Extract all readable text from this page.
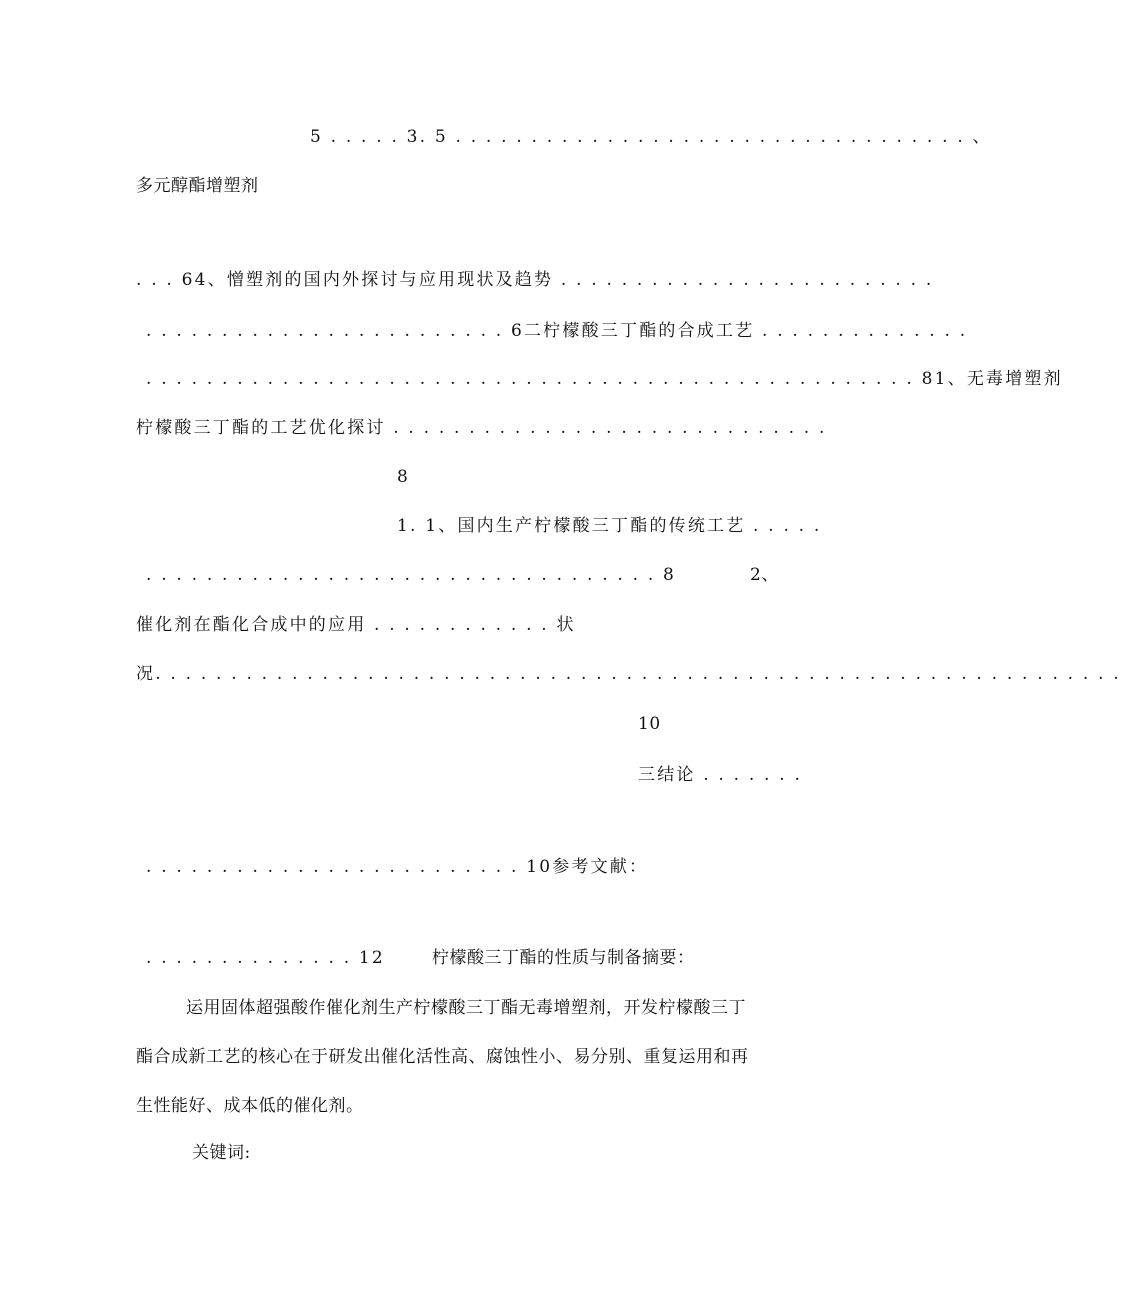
5 . . . . . 3. 5 . . . . . . . . . . . . . . . . . . . . . . . . . . . . . . . . . . 、
多元醇酯增塑剂
. . . 64、憎塑剂的国内外探讨与应用现状及趋势 . . . . . . . . . . . . . . . . . . . . . . . . .
. . . . . . . . . . . . . . . . . . . . . . . . 6二柠檬酸三丁酯的合成工艺 . . . . . . . . . . . . . .
. . . . . . . . . . . . . . . . . . . . . . . . . . . . . . . . . . . . . . . . . . . . . . . . . . . 81、无毒增塑剂
柠檬酸三丁酯的工艺优化探讨 . . . . . . . . . . . . . . . . . . . . . . . . . . . . .
8
1. 1、国内生产柠檬酸三丁酯的传统工艺 . . . . .
. . . . . . . . . . . . . . . . . . . . . . . . . . . . . . . . . . 8	2、
催化剂在酯化合成中的应用 . . . . . . . . . . . . 状
况. . . . . . . . . . . . . . . . . . . . . . . . . . . . . . . . . . . . . . . . . . . . . . . . . . . . . . . . . . . . . . . .
10
三结论 . . . . . . .
. . . . . . . . . . . . . . . . . . . . . . . . . 10参考文献：
. . . . . . . . . . . . . . 12	柠檬酸三丁酯的性质与制备摘要：
运用固体超强酸作催化剂生产柠檬酸三丁酯无毒增塑剂，开发柠檬酸三丁
酯合成新工艺的核心在于研发出催化活性高、腐蚀性小、易分别、重复运用和再
生性能好、成本低的催化剂。
关键词:
